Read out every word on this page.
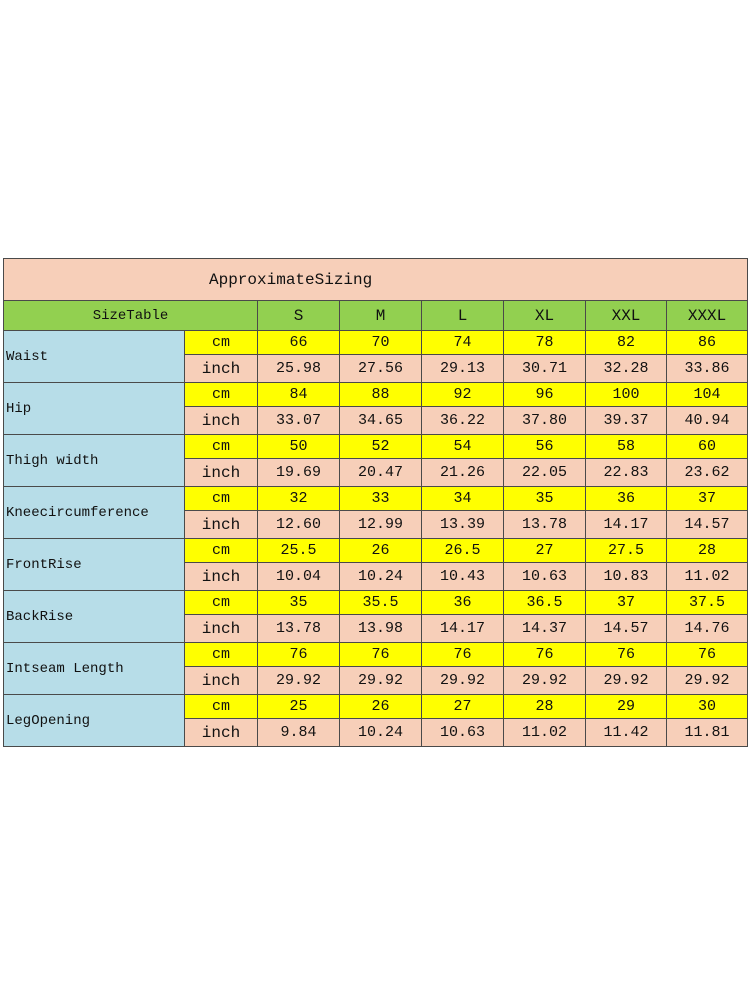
ApproximateSizing							
SizeTable		S	M	L	XL	XXL	XXXL
Waist	cm	66	70	74	78	82	86
	inch	25.98	27.56	29.13	30.71	32.28	33.86
Hip	cm	84	88	92	96	100	104
	inch	33.07	34.65	36.22	37.80	39.37	40.94
Thigh width	cm	50	52	54	56	58	60
	inch	19.69	20.47	21.26	22.05	22.83	23.62
Kneecircumference	cm	32	33	34	35	36	37
	inch	12.60	12.99	13.39	13.78	14.17	14.57
FrontRise	cm	25.5	26	26.5	27	27.5	28
	inch	10.04	10.24	10.43	10.63	10.83	11.02
BackRise	cm	35	35.5	36	36.5	37	37.5
	inch	13.78	13.98	14.17	14.37	14.57	14.76
Intseam Length	cm	76	76	76	76	76	76
	inch	29.92	29.92	29.92	29.92	29.92	29.92
LegOpening	cm	25	26	27	28	29	30
	inch	9.84	10.24	10.63	11.02	11.42	11.81
